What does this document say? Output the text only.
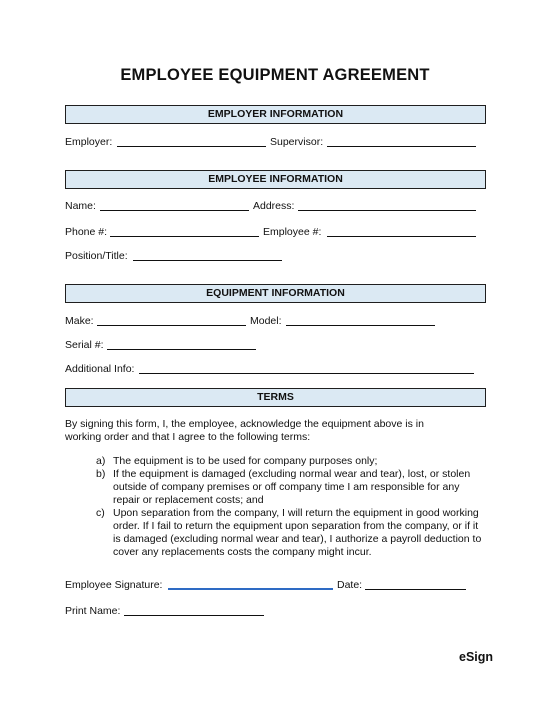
EMPLOYEE EQUIPMENT AGREEMENT
EMPLOYER INFORMATION
Employer:	Supervisor:
EMPLOYEE INFORMATION
Name:	Address:
Phone #:	Employee #:
Position/Title:
EQUIPMENT INFORMATION
Make:	Model:
Serial #:
Additional Info:
TERMS
By signing this form, I, the employee, acknowledge the equipment above is in working order and that I agree to the following terms:
a) The equipment is to be used for company purposes only;
b) If the equipment is damaged (excluding normal wear and tear), lost, or stolen outside of company premises or off company time I am responsible for any repair or replacement costs; and
c) Upon separation from the company, I will return the equipment in good working order. If I fail to return the equipment upon separation from the company, or if it is damaged (excluding normal wear and tear), I authorize a payroll deduction to cover any replacements costs the company might incur.
Employee Signature:	Date:
Print Name:
eSign
